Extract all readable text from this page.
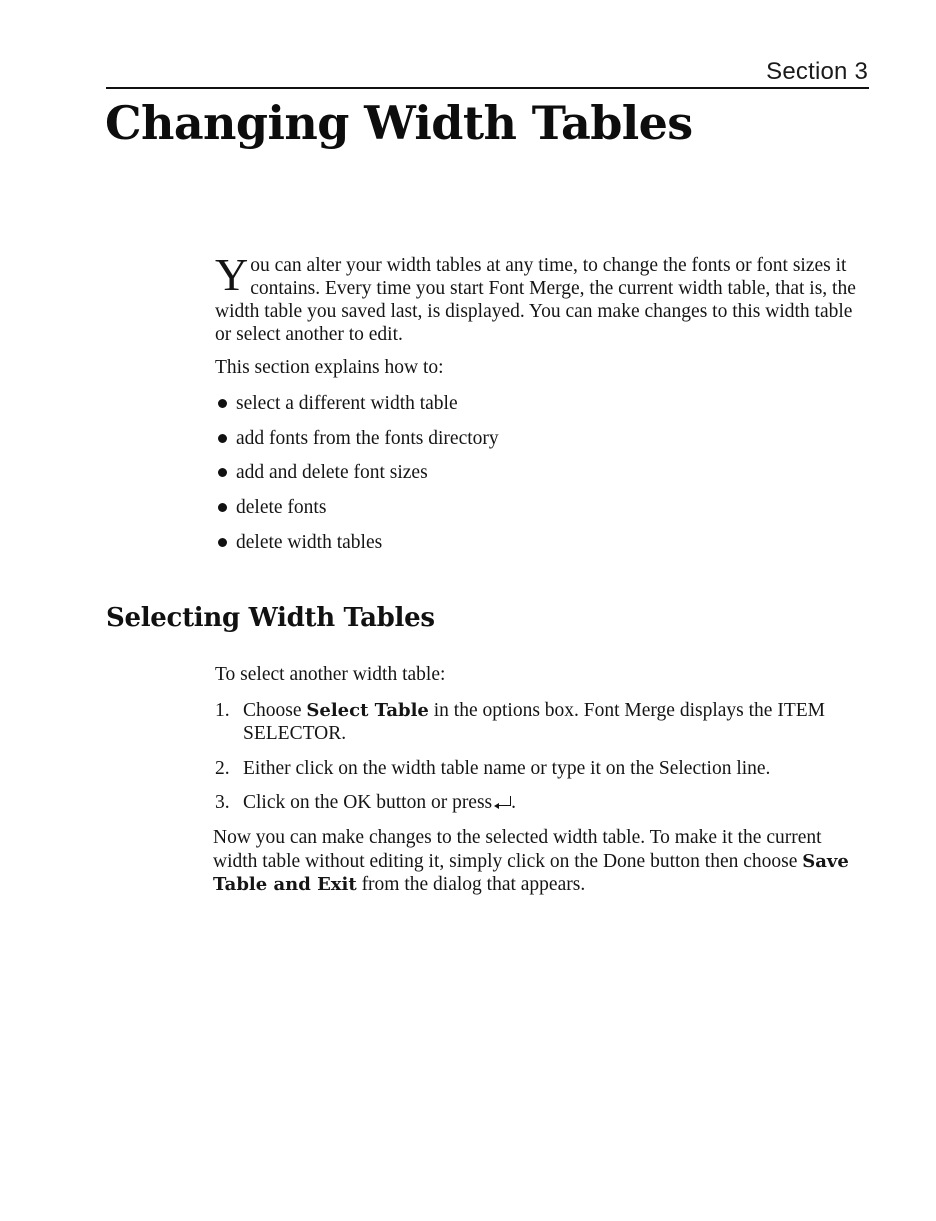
Section 3
Changing Width Tables

You can alter your width tables at any time, to change the fonts or font sizes it contains. Every time you start Font Merge, the current width table, that is, the width table you saved last, is displayed. You can make changes to this width table or select another to edit.

This section explains how to:

select a different width table
add fonts from the fonts directory
add and delete font sizes
delete fonts
delete width tables
Selecting Width Tables

To select another width table:

1. Choose Select Table in the options box. Font Merge displays the ITEM SELECTOR.
2. Either click on the width table name or type it on the Selection line.
3. Click on the OK button or press .

Now you can make changes to the selected width table. To make it the current width table without editing it, simply click on the Done button then choose Save Table and Exit from the dialog that appears.
